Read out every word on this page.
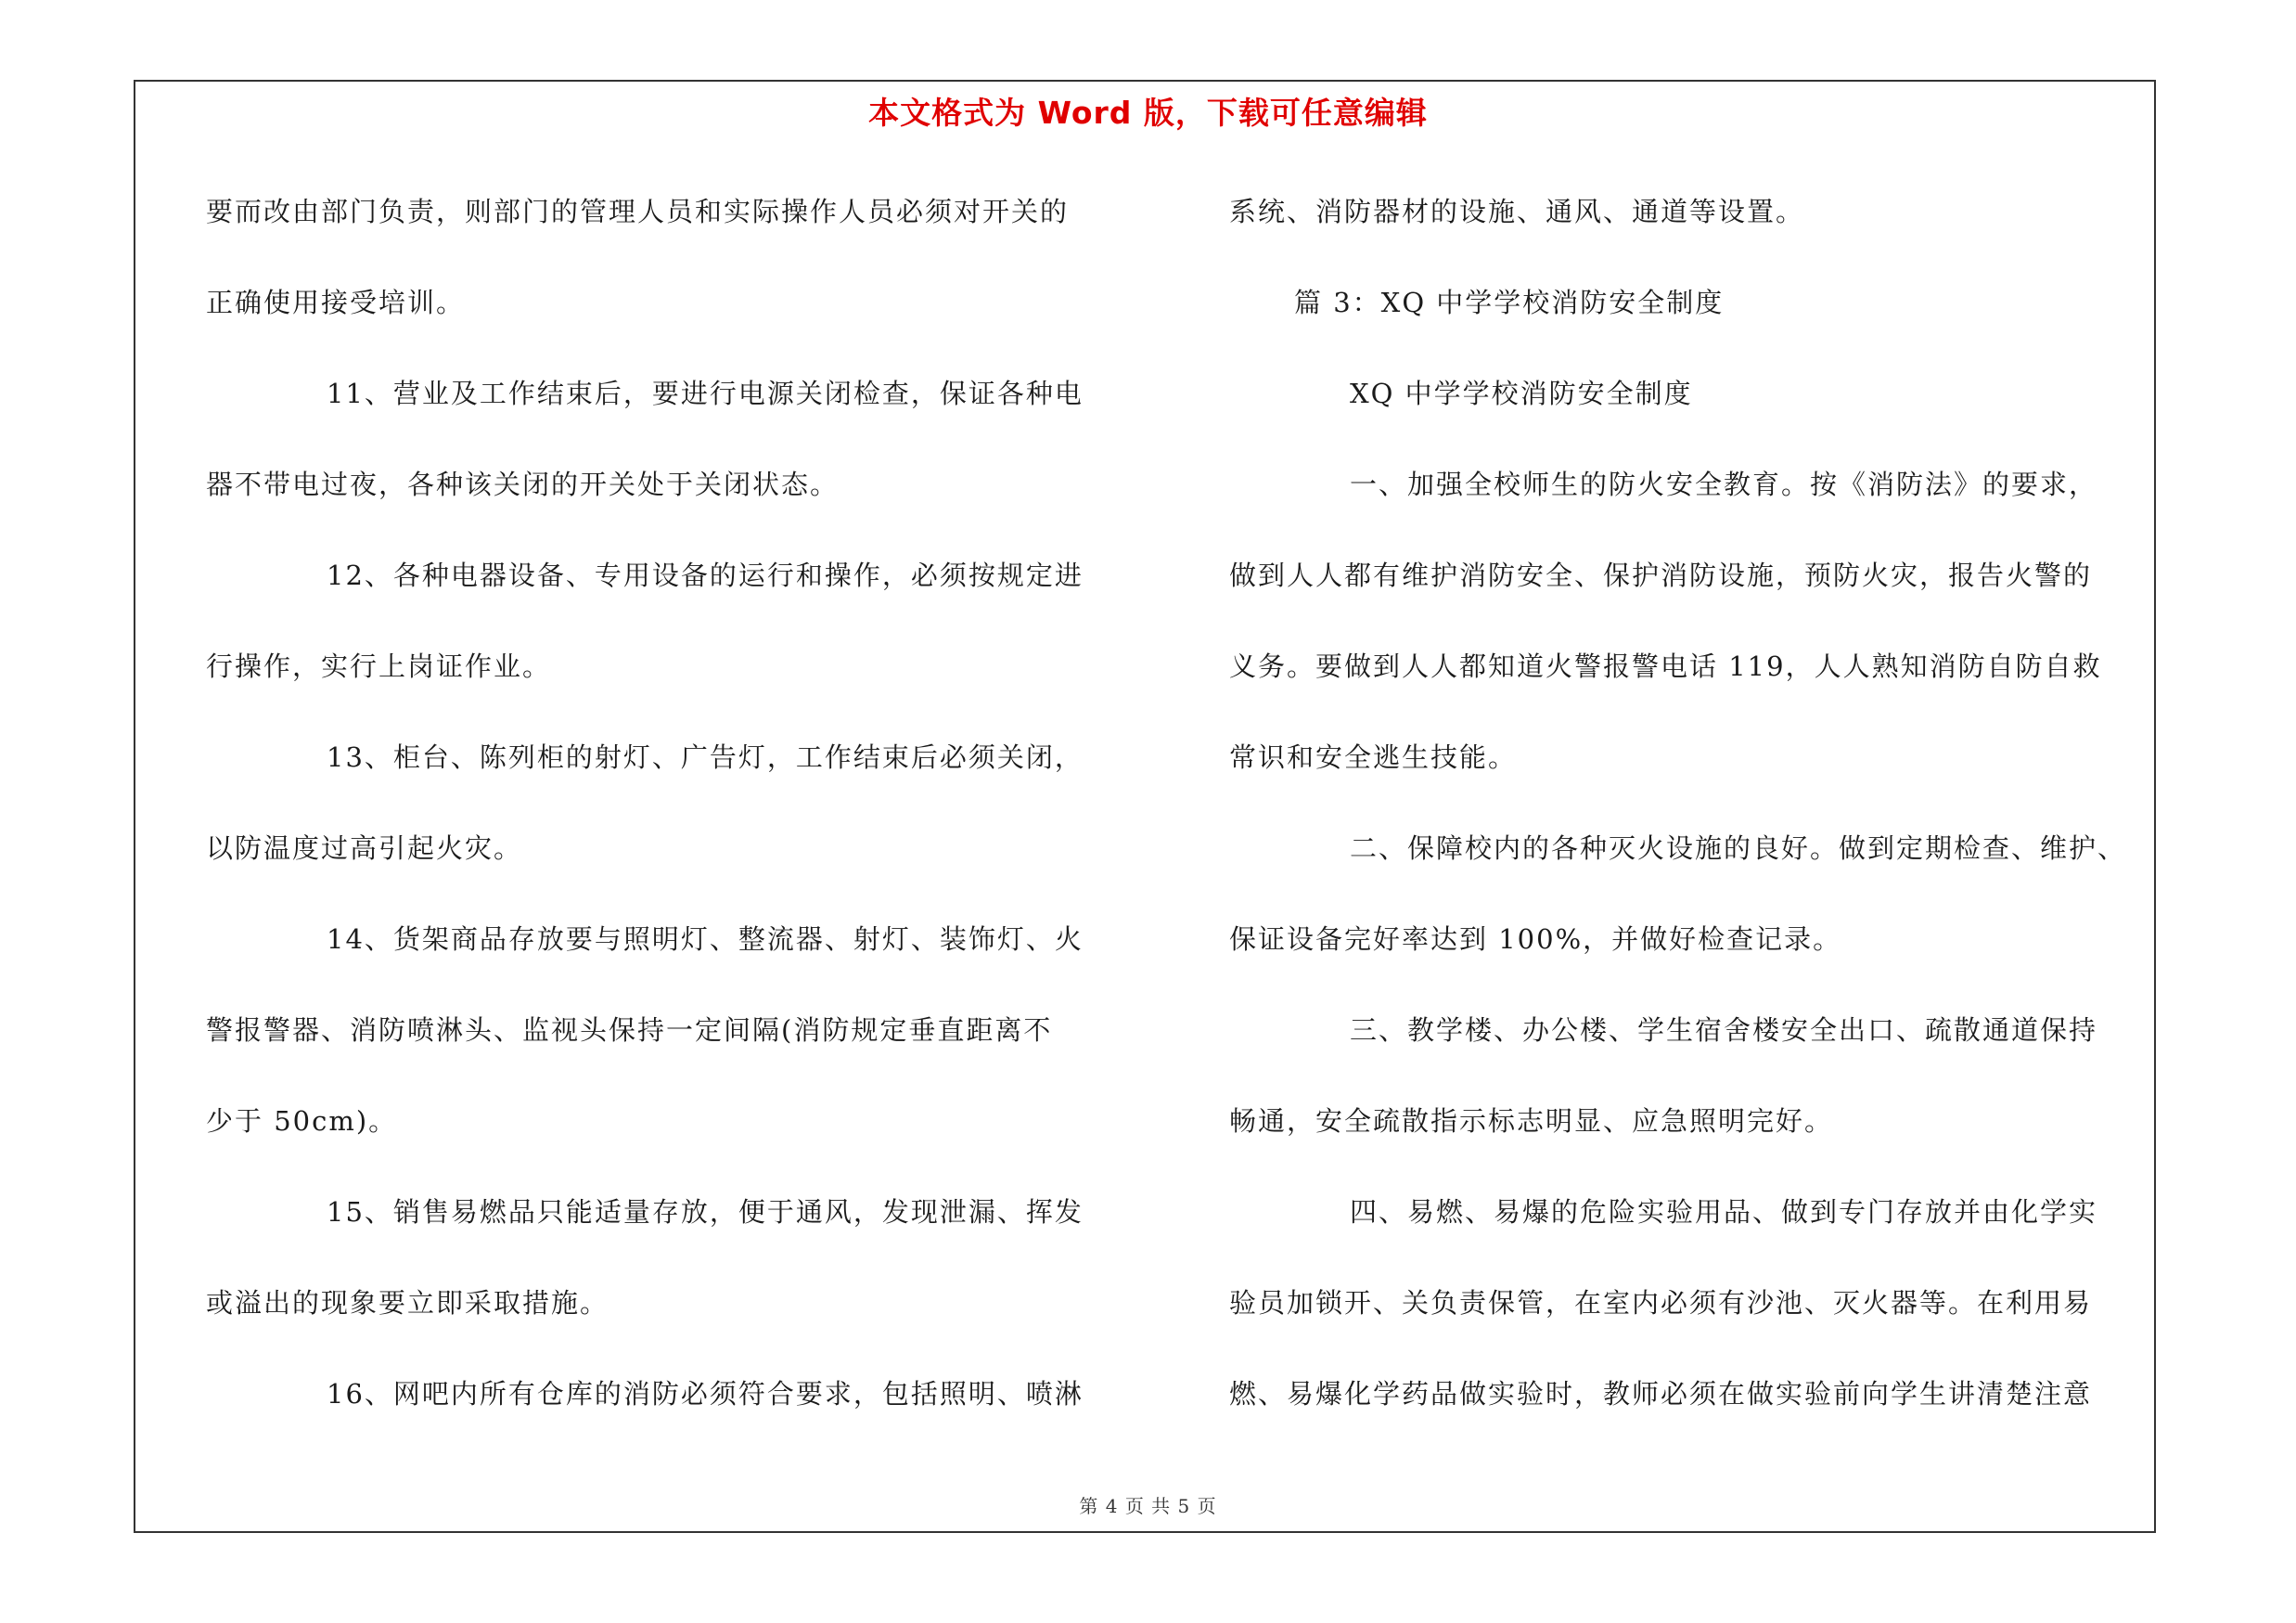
本文格式为 Word 版，下载可任意编辑
要而改由部门负责，则部门的管理人员和实际操作人员必须对开关的
正确使用接受培训。
11、营业及工作结束后，要进行电源关闭检查，保证各种电
器不带电过夜，各种该关闭的开关处于关闭状态。
12、各种电器设备、专用设备的运行和操作，必须按规定进
行操作，实行上岗证作业。
13、柜台、陈列柜的射灯、广告灯，工作结束后必须关闭，
以防温度过高引起火灾。
14、货架商品存放要与照明灯、整流器、射灯、装饰灯、火
警报警器、消防喷淋头、监视头保持一定间隔(消防规定垂直距离不
少于 50cm)。
15、销售易燃品只能适量存放，便于通风，发现泄漏、挥发
或溢出的现象要立即采取措施。
16、网吧内所有仓库的消防必须符合要求，包括照明、喷淋
系统、消防器材的设施、通风、通道等设置。
篇 3：XQ 中学学校消防安全制度
XQ 中学学校消防安全制度
一、加强全校师生的防火安全教育。按《消防法》的要求，
做到人人都有维护消防安全、保护消防设施，预防火灾，报告火警的
义务。要做到人人都知道火警报警电话 119，人人熟知消防自防自救
常识和安全逃生技能。
二、保障校内的各种灭火设施的良好。做到定期检查、维护、
保证设备完好率达到 100%，并做好检查记录。
三、教学楼、办公楼、学生宿舍楼安全出口、疏散通道保持
畅通，安全疏散指示标志明显、应急照明完好。
四、易燃、易爆的危险实验用品、做到专门存放并由化学实
验员加锁开、关负责保管，在室内必须有沙池、灭火器等。在利用易
燃、易爆化学药品做实验时，教师必须在做实验前向学生讲清楚注意
第 4 页 共 5 页
